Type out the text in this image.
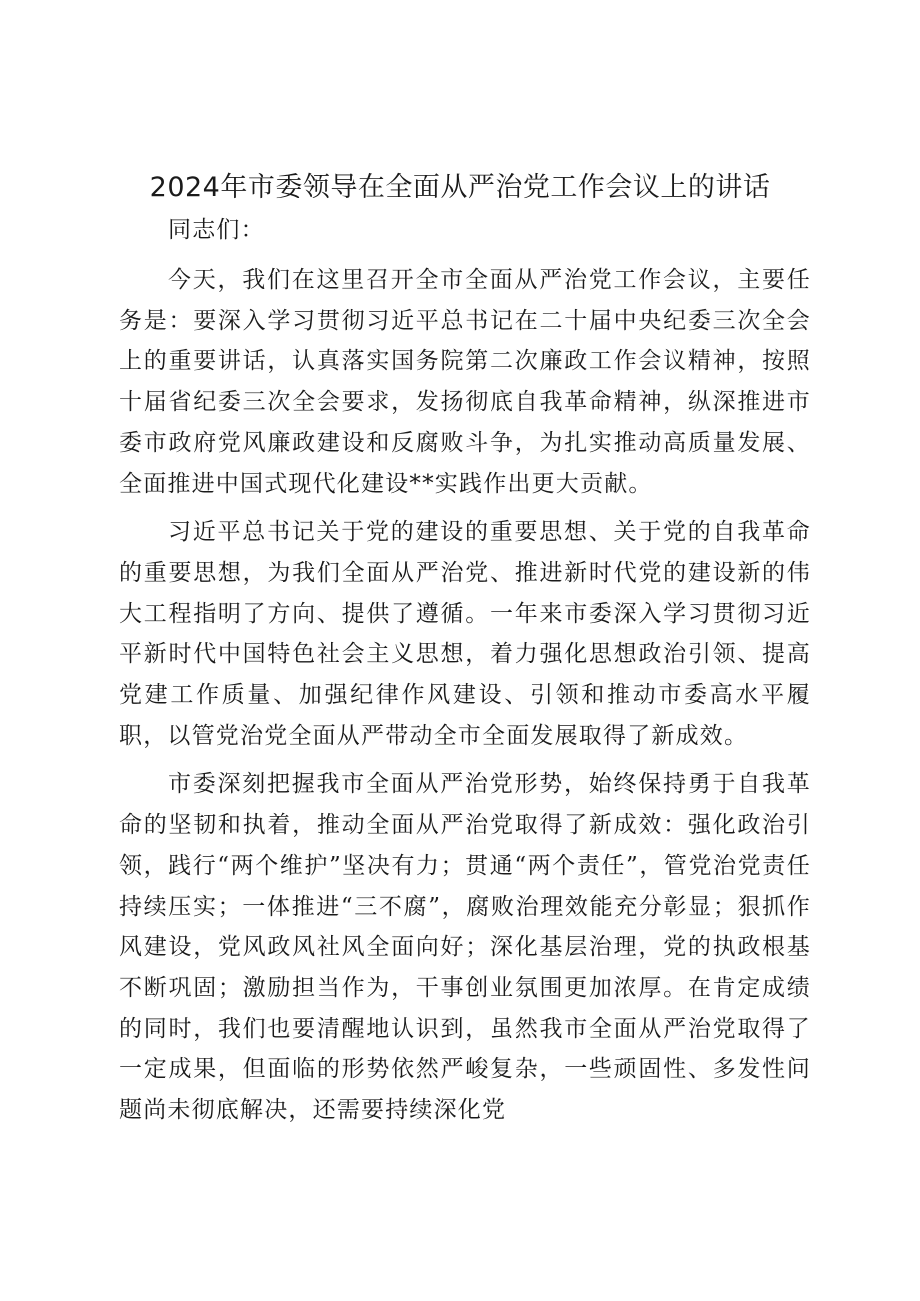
2024年市委领导在全面从严治党工作会议上的讲话

同志们：

今天，我们在这里召开全市全面从严治党工作会议，主要任务是：要深入学习贯彻习近平总书记在二十届中央纪委三次全会上的重要讲话，认真落实国务院第二次廉政工作会议精神，按照十届省纪委三次全会要求，发扬彻底自我革命精神，纵深推进市委市政府党风廉政建设和反腐败斗争，为扎实推动高质量发展、全面推进中国式现代化建设**实践作出更大贡献。

习近平总书记关于党的建设的重要思想、关于党的自我革命的重要思想，为我们全面从严治党、推进新时代党的建设新的伟大工程指明了方向、提供了遵循。一年来市委深入学习贯彻习近平新时代中国特色社会主义思想，着力强化思想政治引领、提高党建工作质量、加强纪律作风建设、引领和推动市委高水平履职，以管党治党全面从严带动全市全面发展取得了新成效。

市委深刻把握我市全面从严治党形势，始终保持勇于自我革命的坚韧和执着，推动全面从严治党取得了新成效：强化政治引领，践行“两个维护”坚决有力；贯通“两个责任”，管党治党责任持续压实；一体推进“三不腐”，腐败治理效能充分彰显；狠抓作风建设，党风政风社风全面向好；深化基层治理，党的执政根基不断巩固；激励担当作为，干事创业氛围更加浓厚。在肯定成绩的同时，我们也要清醒地认识到，虽然我市全面从严治党取得了一定成果，但面临的形势依然严峻复杂，一些顽固性、多发性问题尚未彻底解决，还需要持续深化党
